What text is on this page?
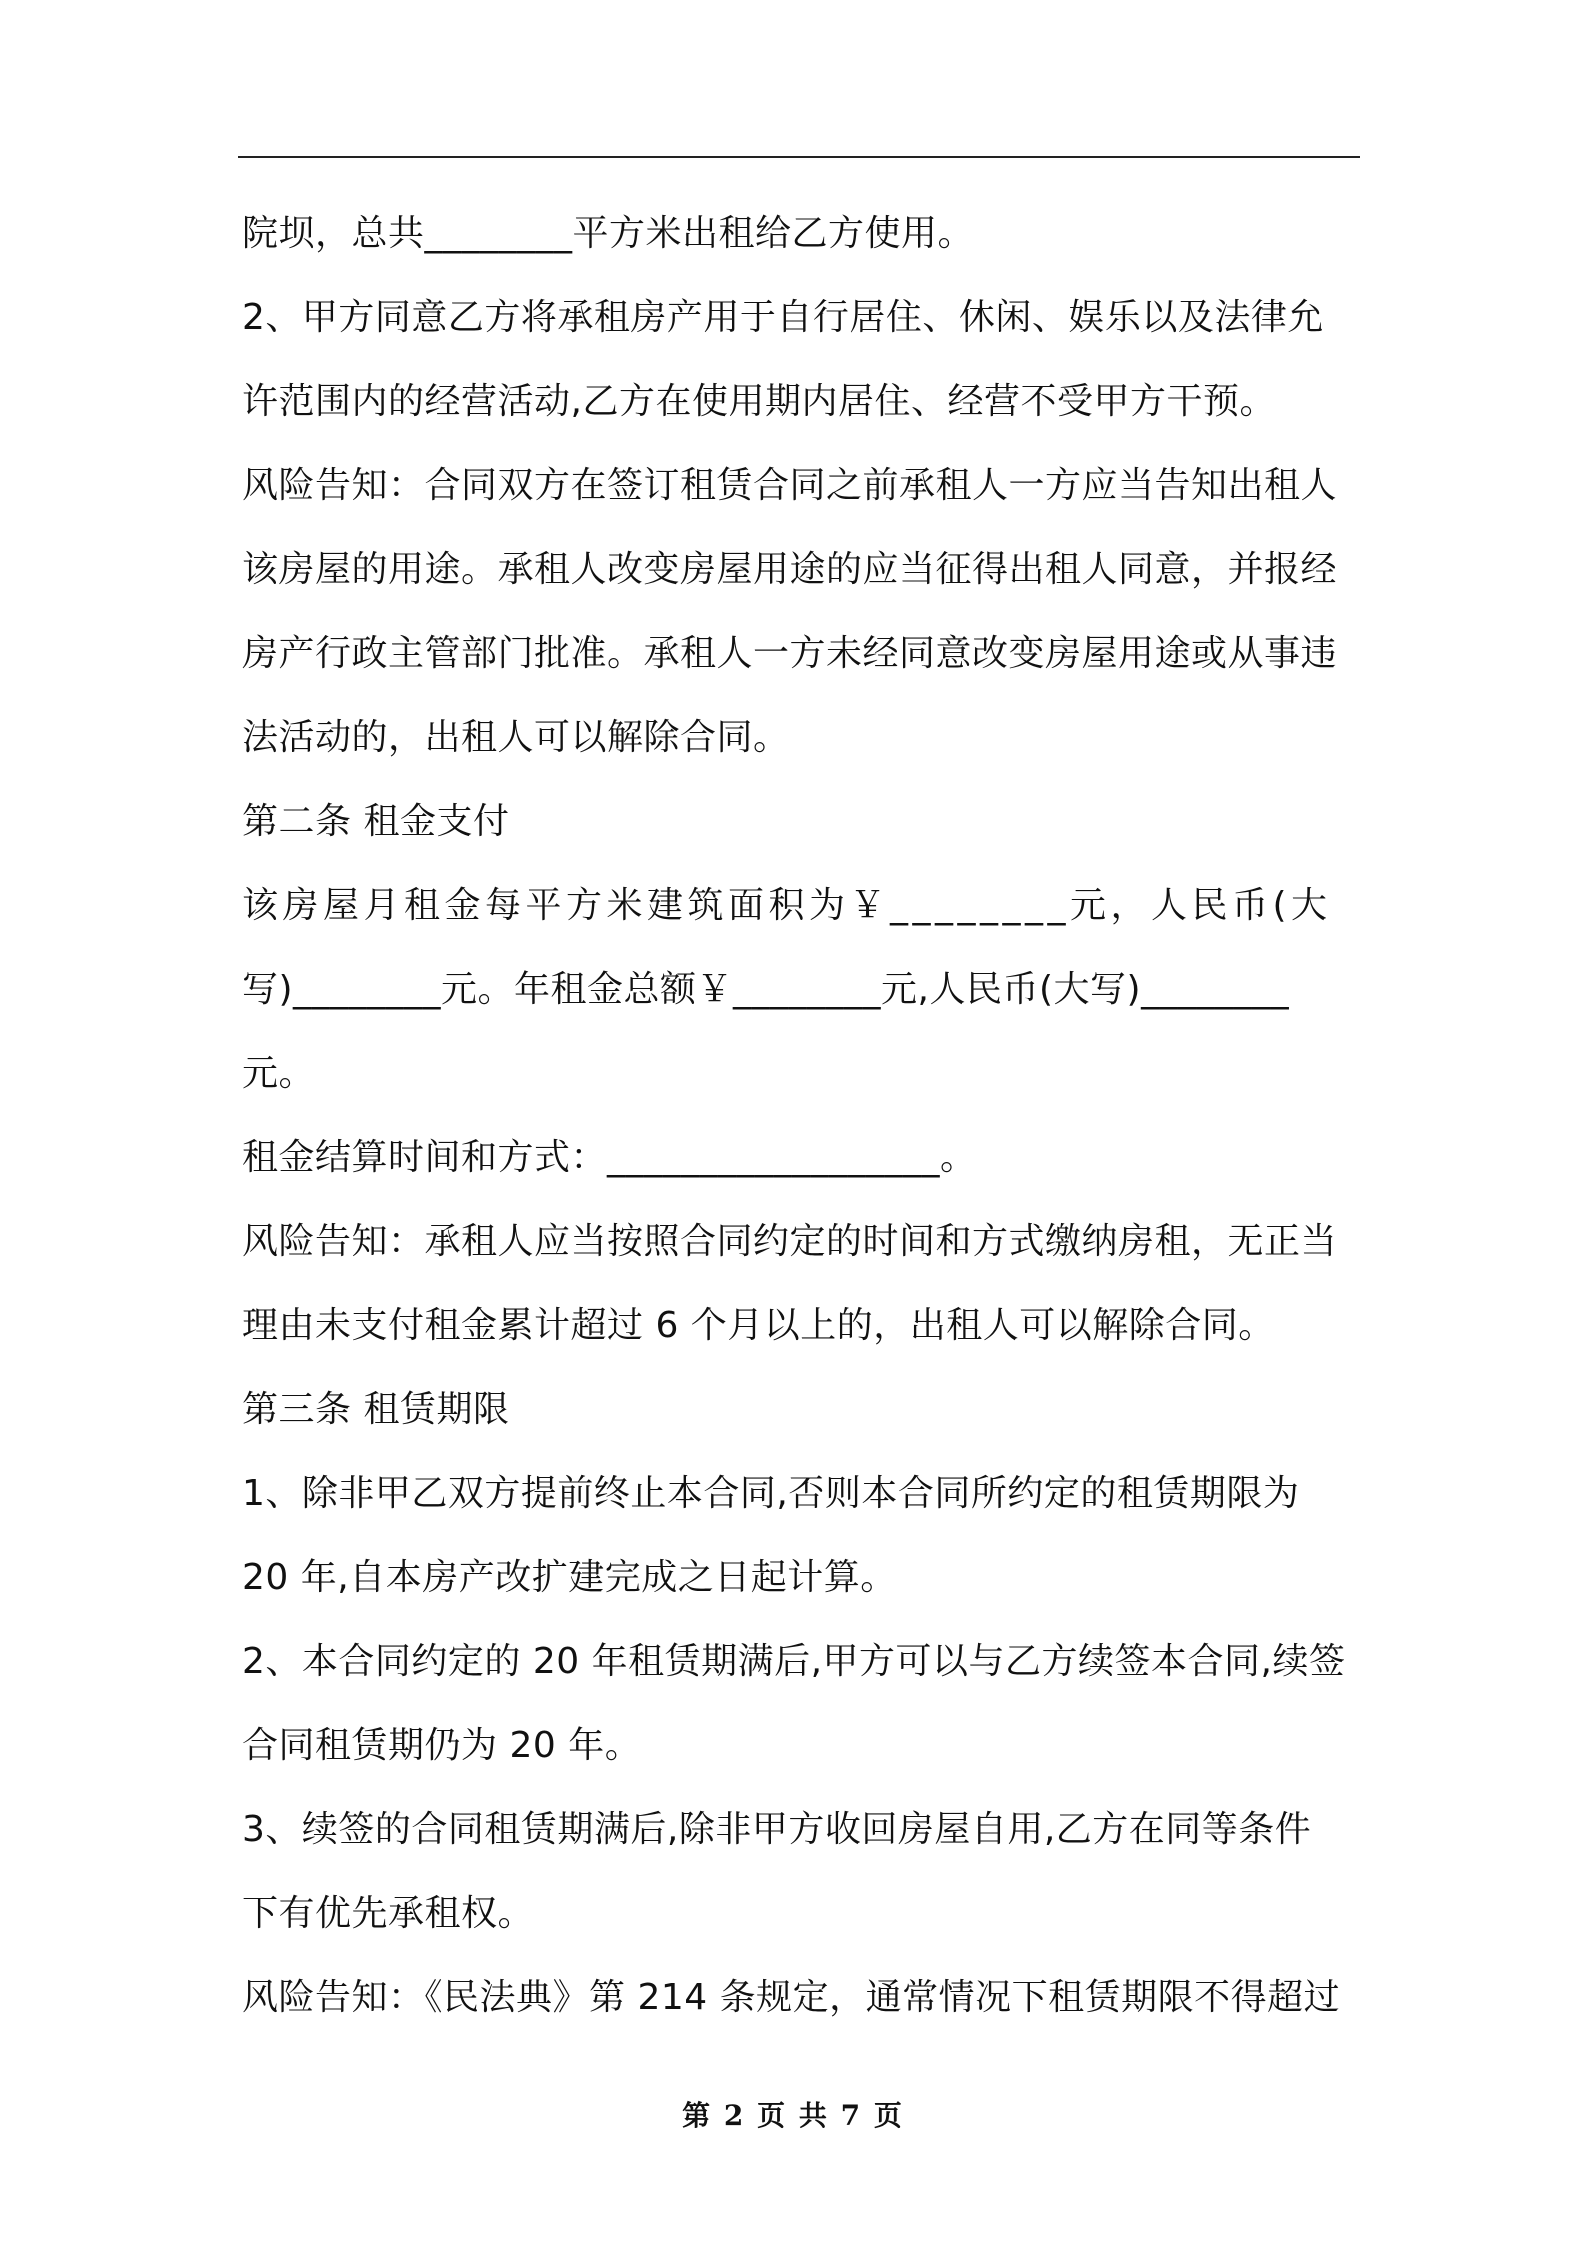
院坝，总共________平方米出租给乙方使用。
2、甲方同意乙方将承租房产用于自行居住、休闲、娱乐以及法律允
许范围内的经营活动,乙方在使用期内居住、经营不受甲方干预。
风险告知：合同双方在签订租赁合同之前承租人一方应当告知出租人
该房屋的用途。承租人改变房屋用途的应当征得出租人同意，并报经
房产行政主管部门批准。承租人一方未经同意改变房屋用途或从事违
法活动的，出租人可以解除合同。
第二条 租金支付
该房屋月租金每平方米建筑面积为￥________元，人民币(大
写)________元。年租金总额￥________元,人民币(大写)________
元。
租金结算时间和方式：__________________。
风险告知：承租人应当按照合同约定的时间和方式缴纳房租，无正当
理由未支付租金累计超过 6 个月以上的，出租人可以解除合同。
第三条 租赁期限
1、除非甲乙双方提前终止本合同,否则本合同所约定的租赁期限为
20 年,自本房产改扩建完成之日起计算。
2、本合同约定的 20 年租赁期满后,甲方可以与乙方续签本合同,续签
合同租赁期仍为 20 年。
3、续签的合同租赁期满后,除非甲方收回房屋自用,乙方在同等条件
下有优先承租权。
风险告知：《民法典》第 214 条规定，通常情况下租赁期限不得超过
第 2 页 共 7 页
